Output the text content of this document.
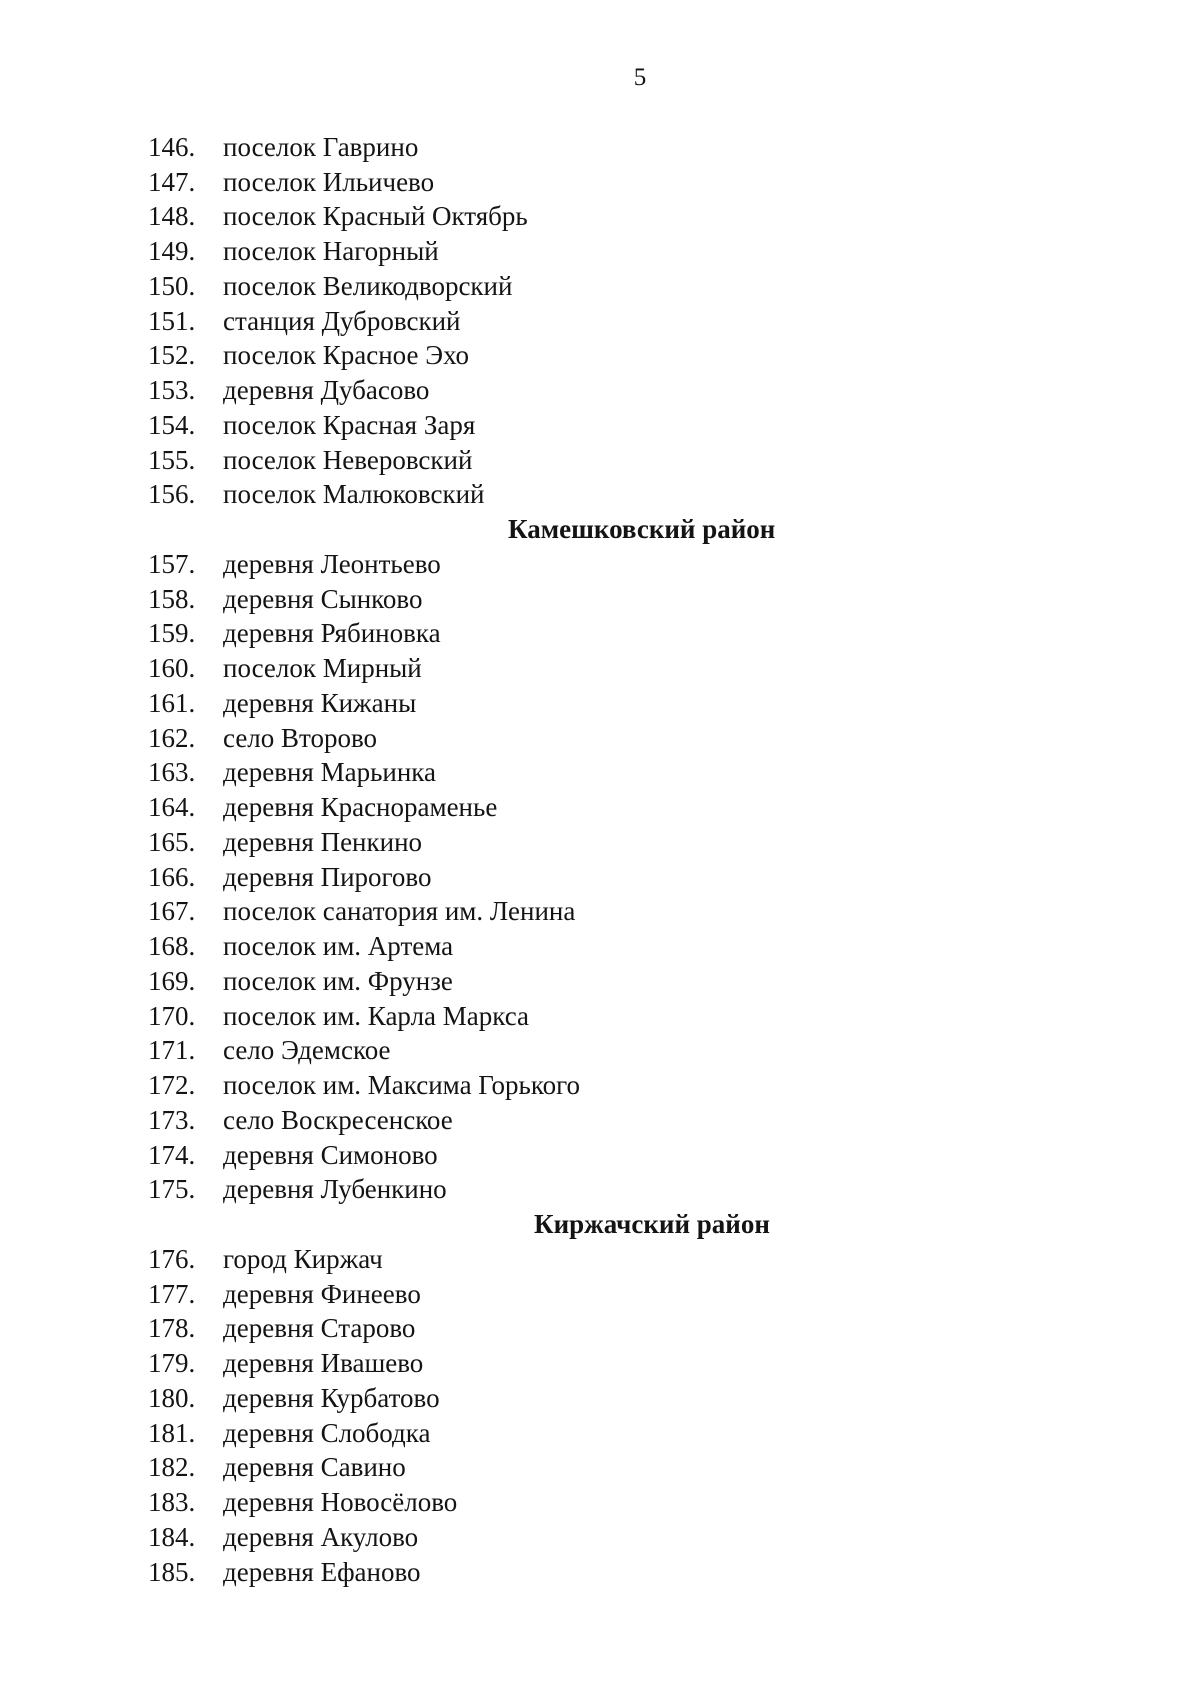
5
146.	поселок Гаврино
147.	поселок Ильичево
148.	поселок Красный Октябрь
149.	поселок Нагорный
150.	поселок Великодворский
151.	станция Дубровский
152.	поселок Красное Эхо
153.	деревня Дубасово
154.	поселок Красная Заря
155.	поселок Неверовский
156.	поселок Малюковский
Камешковский район
157.	деревня Леонтьево
158.	деревня Сынково
159.	деревня Рябиновка
160.	поселок Мирный
161.	деревня Кижаны
162.	село Второво
163.	деревня Марьинка
164.	деревня Краснораменье
165.	деревня Пенкино
166.	деревня Пирогово
167.	поселок санатория им. Ленина
168.	поселок им. Артема
169.	поселок им. Фрунзе
170.	поселок им. Карла Маркса
171.	село Эдемское
172.	поселок им. Максима Горького
173.	село Воскресенское
174.	деревня Симоново
175.	деревня Лубенкино
Киржачский район
176.	город Киржач
177.	деревня Финеево
178.	деревня Старово
179.	деревня Ивашево
180.	деревня Курбатово
181.	деревня Слободка
182.	деревня Савино
183.	деревня Новосёлово
184.	деревня Акулово
185.	деревня Ефаново
